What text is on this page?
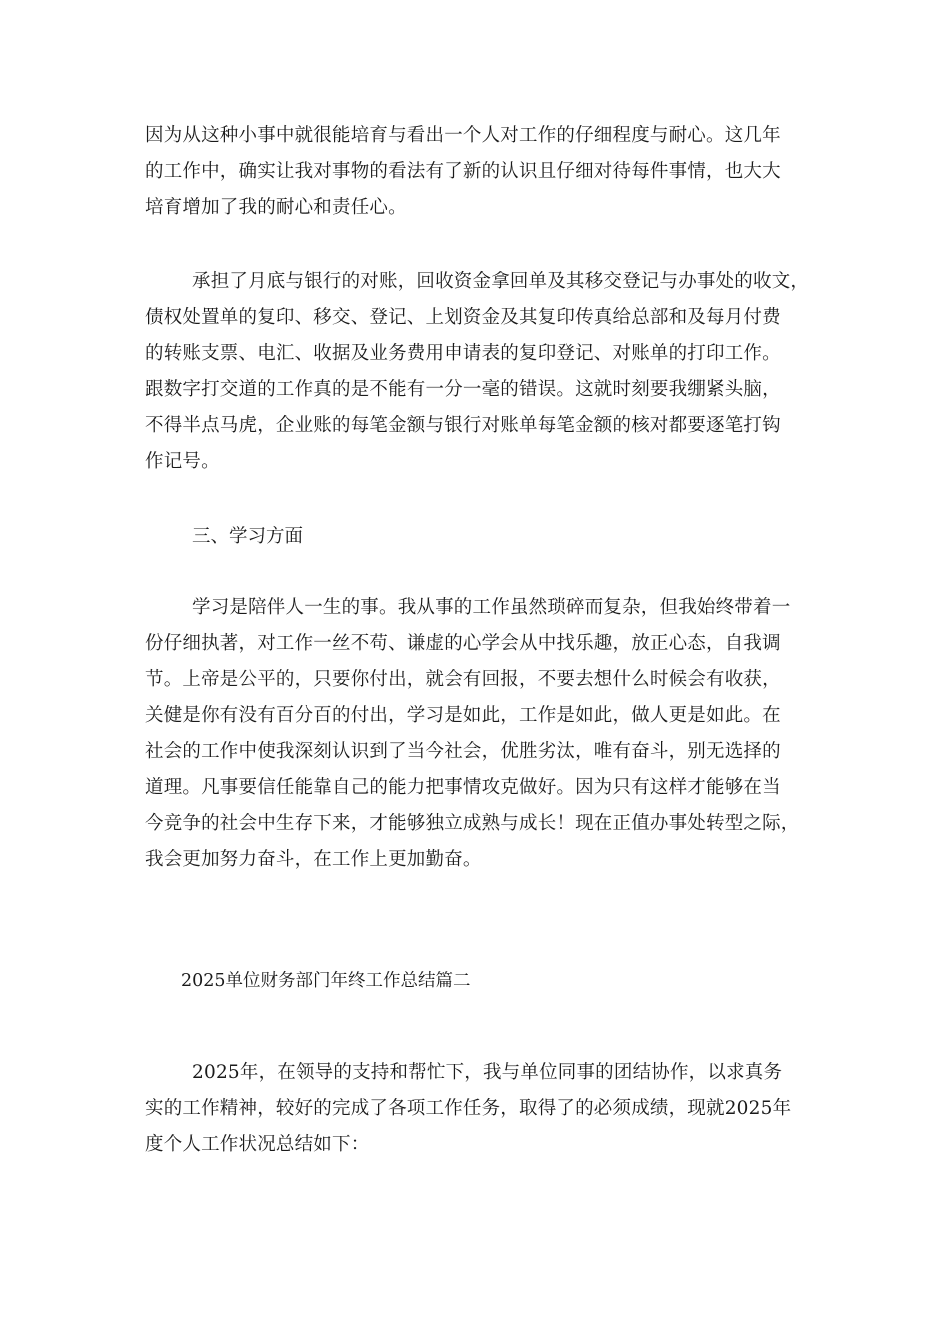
因为从这种小事中就很能培育与看出一个人对工作的仔细程度与耐心。这几年
的工作中，确实让我对事物的看法有了新的认识且仔细对待每件事情，也大大
培育增加了我的耐心和责任心。
承担了月底与银行的对账，回收资金拿回单及其移交登记与办事处的收文，
债权处置单的复印、移交、登记、上划资金及其复印传真给总部和及每月付费
的转账支票、电汇、收据及业务费用申请表的复印登记、对账单的打印工作。
跟数字打交道的工作真的是不能有一分一毫的错误。这就时刻要我绷紧头脑，
不得半点马虎，企业账的每笔金额与银行对账单每笔金额的核对都要逐笔打钩
作记号。
三、学习方面
学习是陪伴人一生的事。我从事的工作虽然琐碎而复杂，但我始终带着一
份仔细执著，对工作一丝不苟、谦虚的心学会从中找乐趣，放正心态，自我调
节。上帝是公平的，只要你付出，就会有回报，不要去想什么时候会有收获，
关健是你有没有百分百的付出，学习是如此，工作是如此，做人更是如此。在
社会的工作中使我深刻认识到了当今社会，优胜劣汰，唯有奋斗，别无选择的
道理。凡事要信任能靠自己的能力把事情攻克做好。因为只有这样才能够在当
今竞争的社会中生存下来，才能够独立成熟与成长！现在正值办事处转型之际，
我会更加努力奋斗，在工作上更加勤奋。
2025单位财务部门年终工作总结篇二
2025年，在领导的支持和帮忙下，我与单位同事的团结协作，以求真务
实的工作精神，较好的完成了各项工作任务，取得了的必须成绩，现就2025年
度个人工作状况总结如下：
